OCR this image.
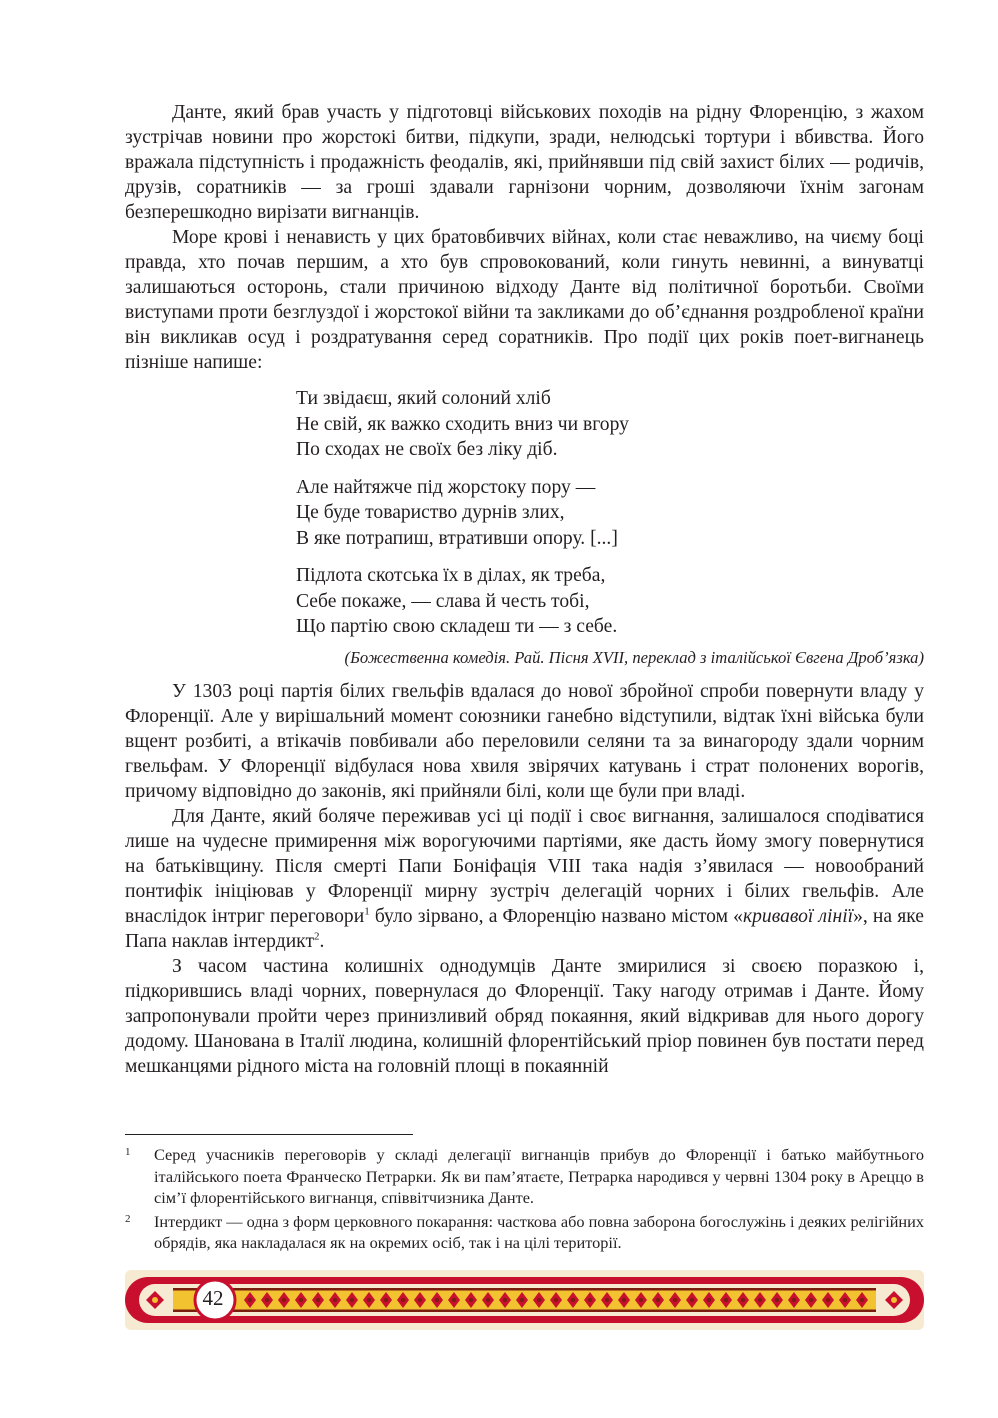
Данте, який брав участь у підготовці військових походів на рідну Флоренцію, з жахом зустрічав новини про жорстокі битви, підкупи, зради, нелюдські тортури і вбивства. Його вражала підступність і продажність феодалів, які, прийнявши під свій захист білих — родичів, друзів, соратників — за гроші здавали гарнізони чорним, дозволяючи їхнім загонам безперешкодно вирізати вигнанців.

Море крові і ненависть у цих братовбивчих війнах, коли стає неважливо, на чиєму боці правда, хто почав першим, а хто був спровокований, коли гинуть невинні, а винуватці залишаються осторонь, стали причиною відходу Данте від політичної боротьби. Своїми виступами проти безглуздої і жорстокої війни та закликами до об’єднання роздробленої країни він викликав осуд і роздратування серед соратників. Про події цих років поет-вигнанець пізніше напише:

Ти звідаєш, який солоний хліб
Не свій, як важко сходить вниз чи вгору
По сходах не своїх без ліку діб.
Але найтяжче під жорстоку пору —
Це буде товариство дурнів злих,
В яке потрапиш, втративши опору. [...]
Підлота скотська їх в ділах, як треба,
Себе покаже, — слава й честь тобі,
Що партію свою складеш ти — з себе.
(Божественна комедія. Рай. Пісня XVII, переклад з італійської Євгена Дроб’язка)

У 1303 році партія білих гвельфів вдалася до нової збройної спроби повернути владу у Флоренції. Але у вирішальний момент союзники ганебно відступили, відтак їхні війська були вщент розбиті, а втікачів повбивали або переловили селяни та за винагороду здали чорним гвельфам. У Флоренції відбулася нова хвиля звірячих катувань і страт полонених ворогів, причому відповідно до законів, які прийняли білі, коли ще були при владі.

Для Данте, який боляче переживав усі ці події і своє вигнання, залишалося сподіватися лише на чудесне примирення між ворогуючими партіями, яке дасть йому змогу повернутися на батьківщину. Після смерті Папи Боніфація VIII така надія з’явилася — новообраний понтифік ініціював у Флоренції мирну зустріч делегацій чорних і білих гвельфів. Але внаслідок інтриг переговори$^1$ було зірвано, а Флоренцію названо містом «кривавої лінії», на яке Папа наклав інтердикт$^2$.

З часом частина колишніх однодумців Данте змирилися зі своєю поразкою і, підкорившись владі чорних, повернулася до Флоренції. Таку нагоду отримав і Данте. Йому запропонували пройти через принизливий обряд покаяння, який відкривав для нього дорогу додому. Шанована в Італії людина, колишній флорентійський пріор повинен був постати перед мешканцями рідного міста на головній площі в покаянній

1	Серед учасників переговорів у складі делегації вигнанців прибув до Флоренції і батько майбутнього італійського поета Франческо Петрарки. Як ви пам’ятаєте, Петрарка народився у червні 1304 року в Ареццо в сім’ї флорентійського вигнанця, співвітчизника Данте.
2	Інтердикт — одна з форм церковного покарання: часткова або повна заборона богослужінь і деяких релігійних обрядів, яка накладалася як на окремих осіб, так і на цілі території.
42
